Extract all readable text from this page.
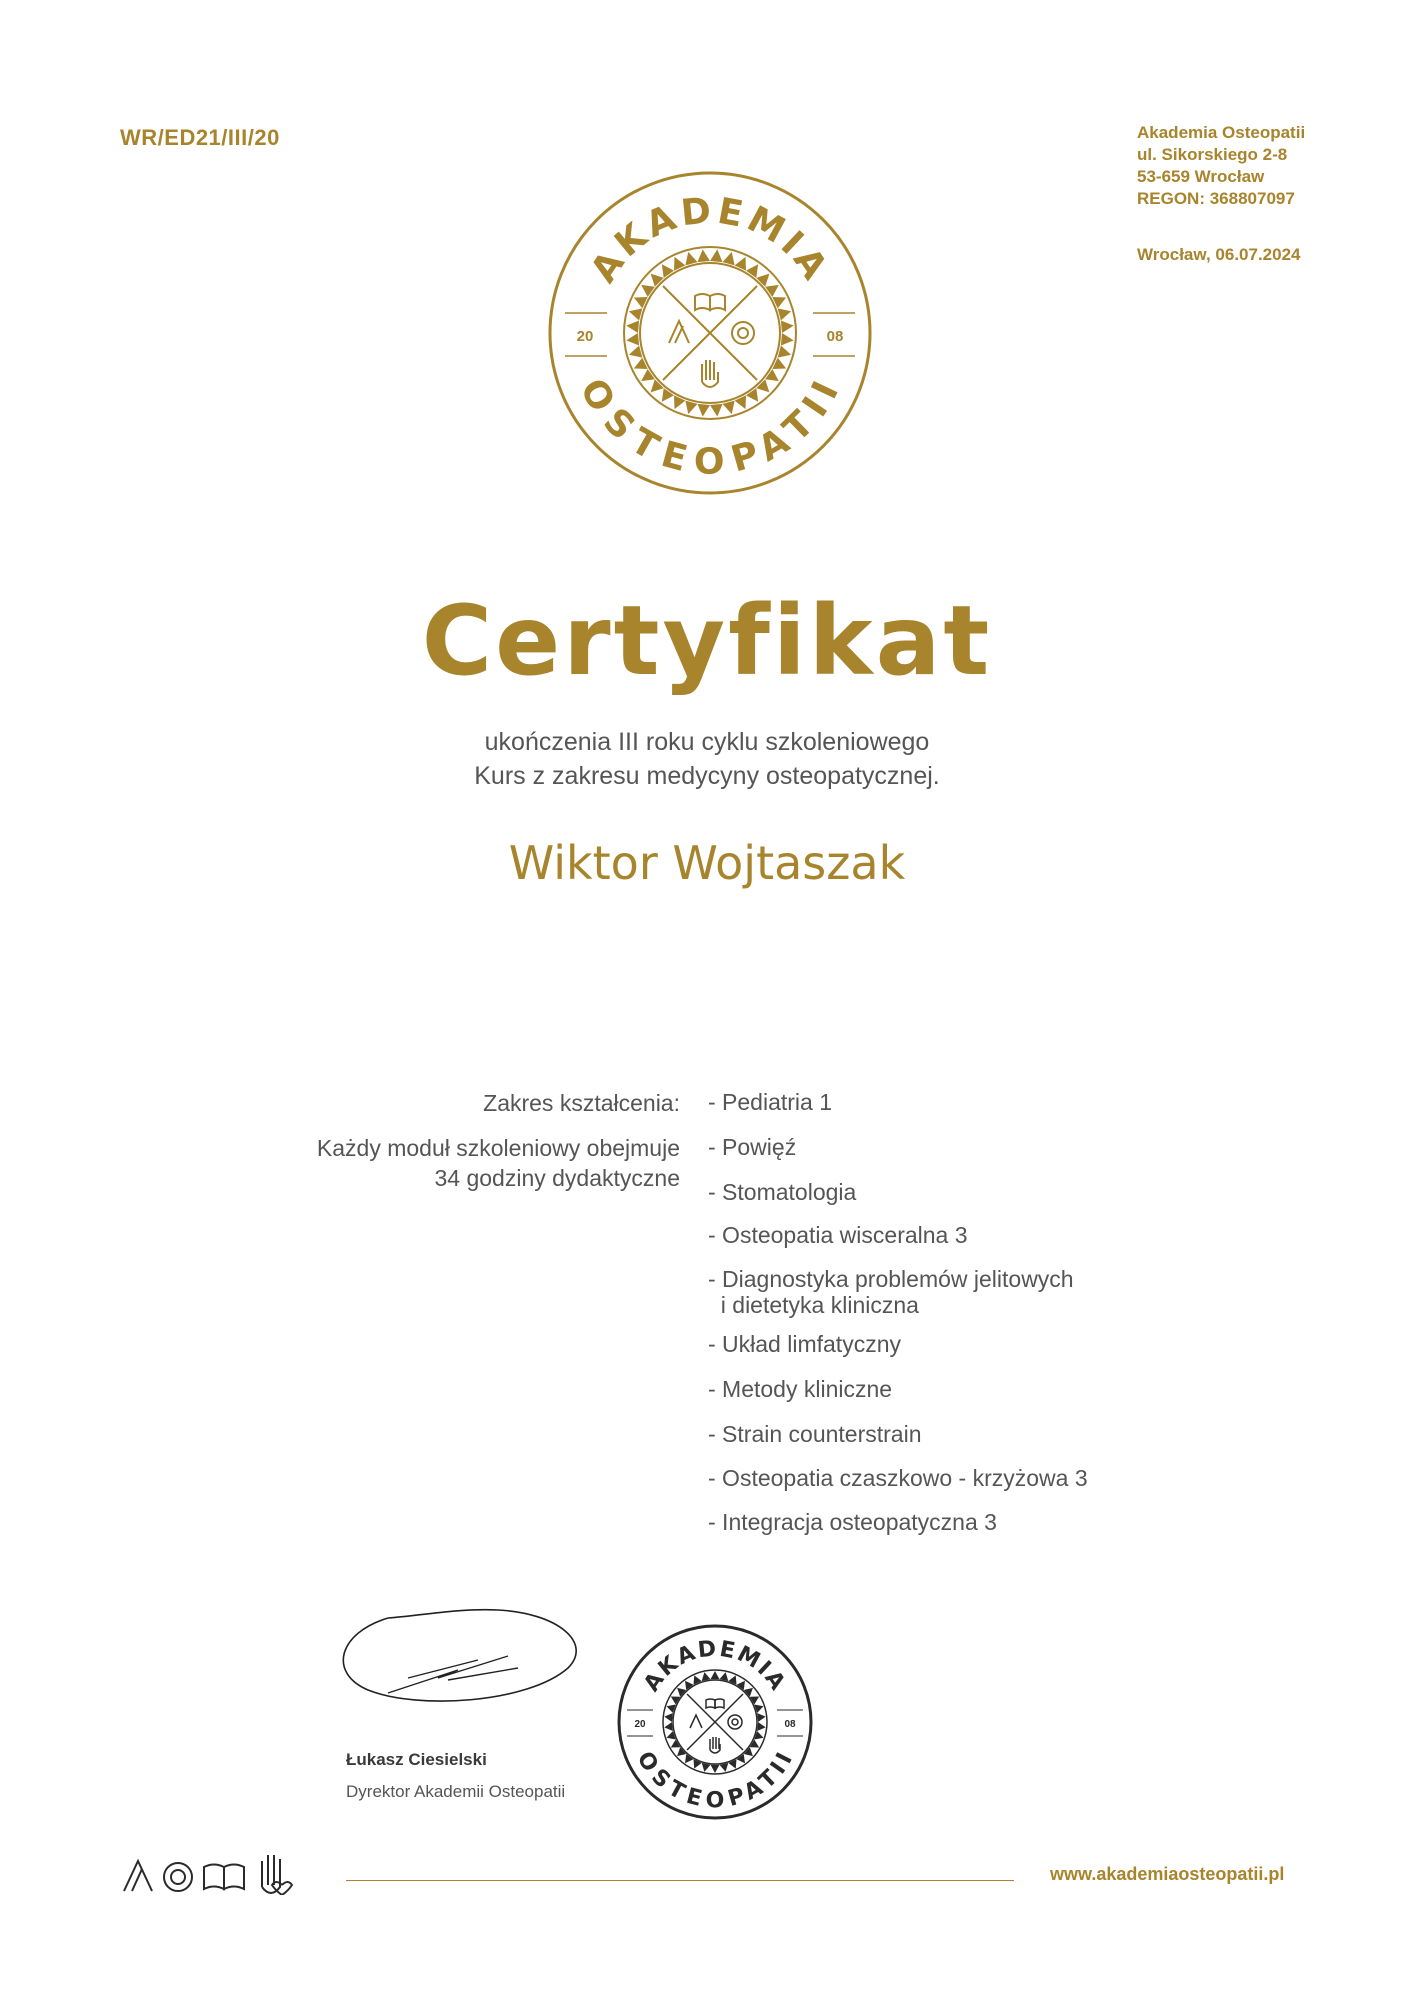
WR/ED21/III/20	Akademia Osteopatii
ul. Sikorskiego 2-8
53-659 Wrocław
REGON: 368807097
Wrocław, 06.07.2024
20	08
AKADEMIA
OSTEOPATII
Certyfikat
ukończenia III roku cyklu szkoleniowego
Kurs z zakresu medycyny osteopatycznej.
Wiktor Wojtaszak
Zakres kształcenia:
Każdy moduł szkoleniowy obejmuje
34 godziny dydaktyczne
- Pediatria 1
- Powięź
- Stomatologia
- Osteopatia wisceralna 3
- Diagnostyka problemów jelitowych
i dietetyka kliniczna
- Układ limfatyczny
- Metody kliniczne
- Strain counterstrain
- Osteopatia czaszkowo - krzyżowa 3
- Integracja osteopatyczna 3
Łukasz Ciesielski
Dyrektor Akademii Osteopatii
20	08
AKADEMIA
OSTEOPATII
www.akademiaosteopatii.pl
